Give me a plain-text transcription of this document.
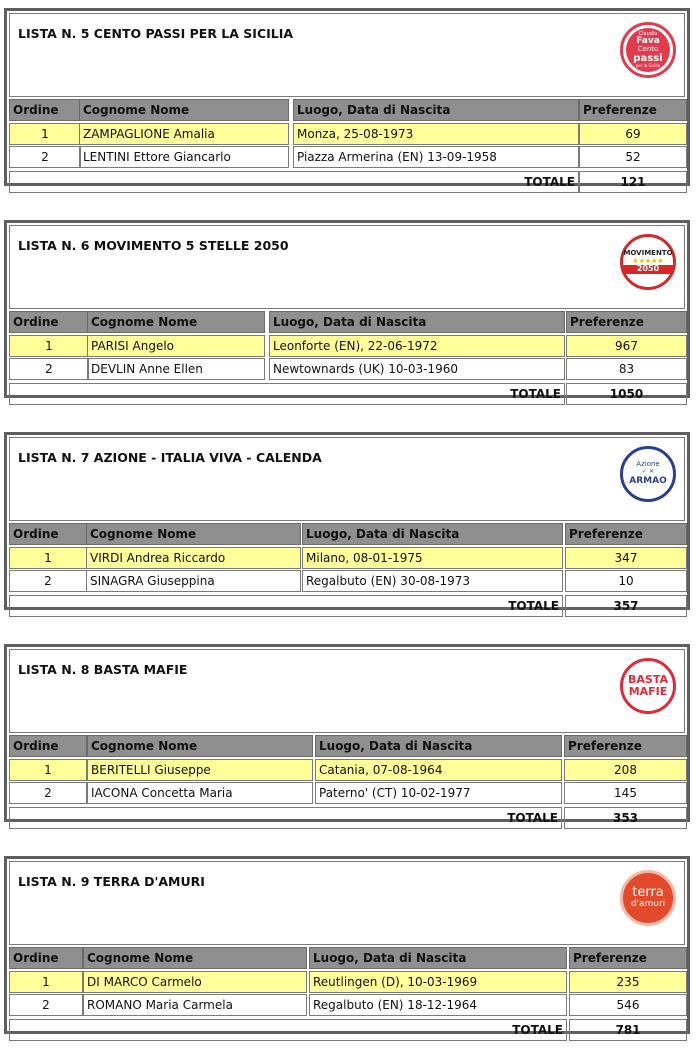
LISTA N. 5 CENTO PASSI PER LA SICILIA	Claudio
Fava
Cento
passi
per la Sicilia
Ordine	Cognome Nome	Luogo, Data di Nascita	Preferenze
1	ZAMPAGLIONE Amalia	Monza, 25-08-1973	69
2	LENTINI Ettore Giancarlo	Piazza Armerina (EN) 13-09-1958	52
TOTALE	121
LISTA N. 6 MOVIMENTO 5 STELLE 2050
MOVIMENTO
★★★★★
2050
Ordine	Cognome Nome	Luogo, Data di Nascita	Preferenze
1	PARISI Angelo	Leonforte (EN), 22-06-1972	967
2	DEVLIN Anne Ellen	Newtownards (UK) 10-03-1960	83
TOTALE	1050
LISTA N. 7 AZIONE - ITALIA VIVA - CALENDA	Azione
✓ ✕
ARMAO
Ordine	Cognome Nome	Luogo, Data di Nascita	Preferenze
1	VIRDI Andrea Riccardo	Milano, 08-01-1975	347
2	SINAGRA Giuseppina	Regalbuto (EN) 30-08-1973	10
TOTALE	357
LISTA N. 8 BASTA MAFIE
BASTA
MAFIE
Ordine	Cognome Nome	Luogo, Data di Nascita	Preferenze
1	BERITELLI Giuseppe	Catania, 07-08-1964	208
2	IACONA Concetta Maria	Paterno' (CT) 10-02-1977	145
TOTALE	353
LISTA N. 9 TERRA D'AMURI
terra
d'amuri
Ordine	Cognome Nome	Luogo, Data di Nascita	Preferenze
1	DI MARCO Carmelo	Reutlingen (D), 10-03-1969	235
2	ROMANO Maria Carmela	Regalbuto (EN) 18-12-1964	546
TOTALE	781
